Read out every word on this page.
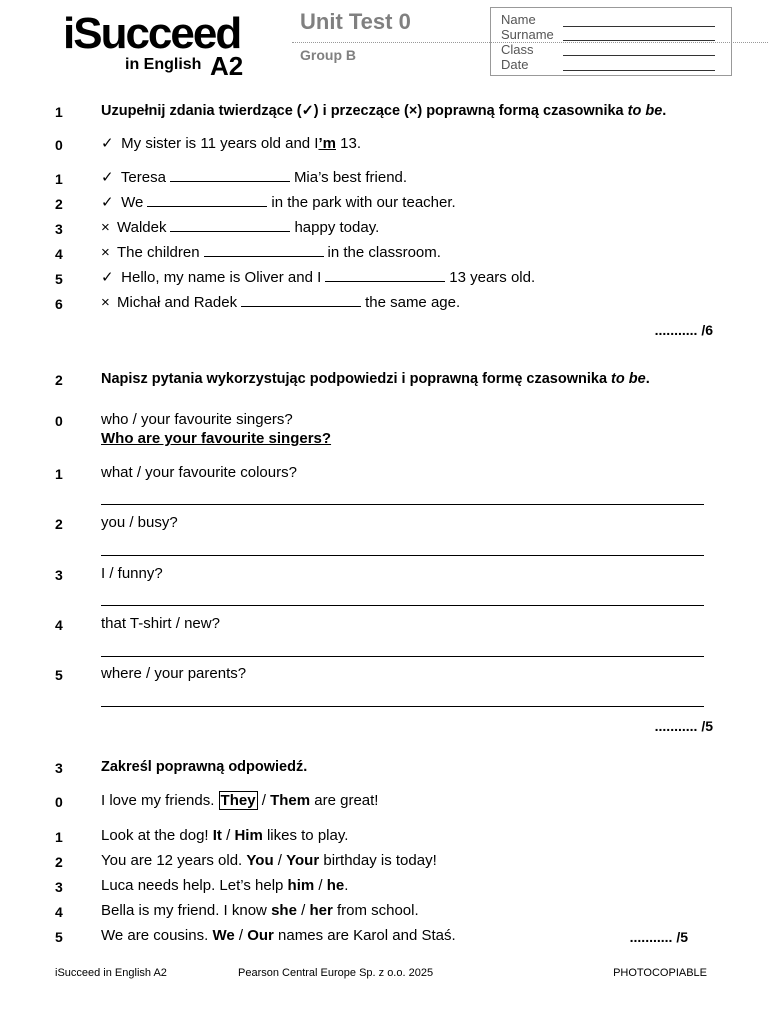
iSucceed
in English A2
Unit Test 0
Group B
Name
Surname
Class
Date
1	Uzupełnij zdania twierdzące (✓) i przeczące (×) poprawną formą czasownika to be.
0	✓ My sister is 11 years old and I’m 13.
1	✓ Teresa	Mia’s best friend.
2	✓ We	in the park with our teacher.
3	× Waldek	happy today.
4	× The children	in the classroom.
5	✓ Hello, my name is Oliver and I	13 years old.
6	× Michał and Radek	the same age.
........... /6
2	Napisz pytania wykorzystując podpowiedzi i poprawną formę czasownika to be.
0	who / your favourite singers?
Who are your favourite singers?
1	what / your favourite colours?
2	you / busy?
3	I / funny?
4	that T-shirt / new?
5	where / your parents?
........... /5
3	Zakreśl poprawną odpowiedź.
0	I love my friends. They / Them are great!
1	Look at the dog! It / Him likes to play.
2	You are 12 years old. You / Your birthday is today!
3	Luca needs help. Let’s help him / he.
4	Bella is my friend. I know she / her from school.
5	We are cousins. We / Our names are Karol and Staś.	........... /5
iSucceed in English A2	Pearson Central Europe Sp. z o.o. 2025	PHOTOCOPIABLE
